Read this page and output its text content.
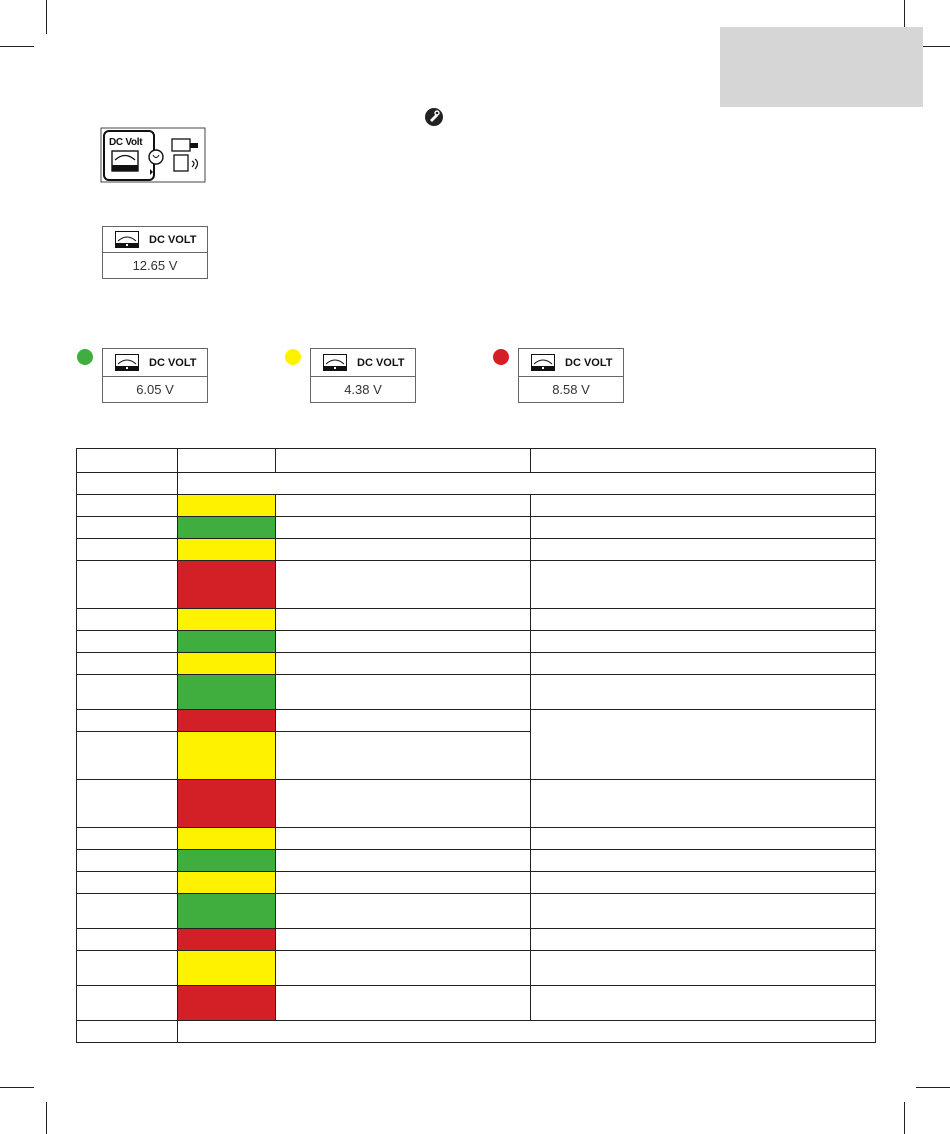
DC Volt
DC VOLT
12.65 V
DC VOLT
6.05 V
DC VOLT
4.38 V
DC VOLT
8.58 V
